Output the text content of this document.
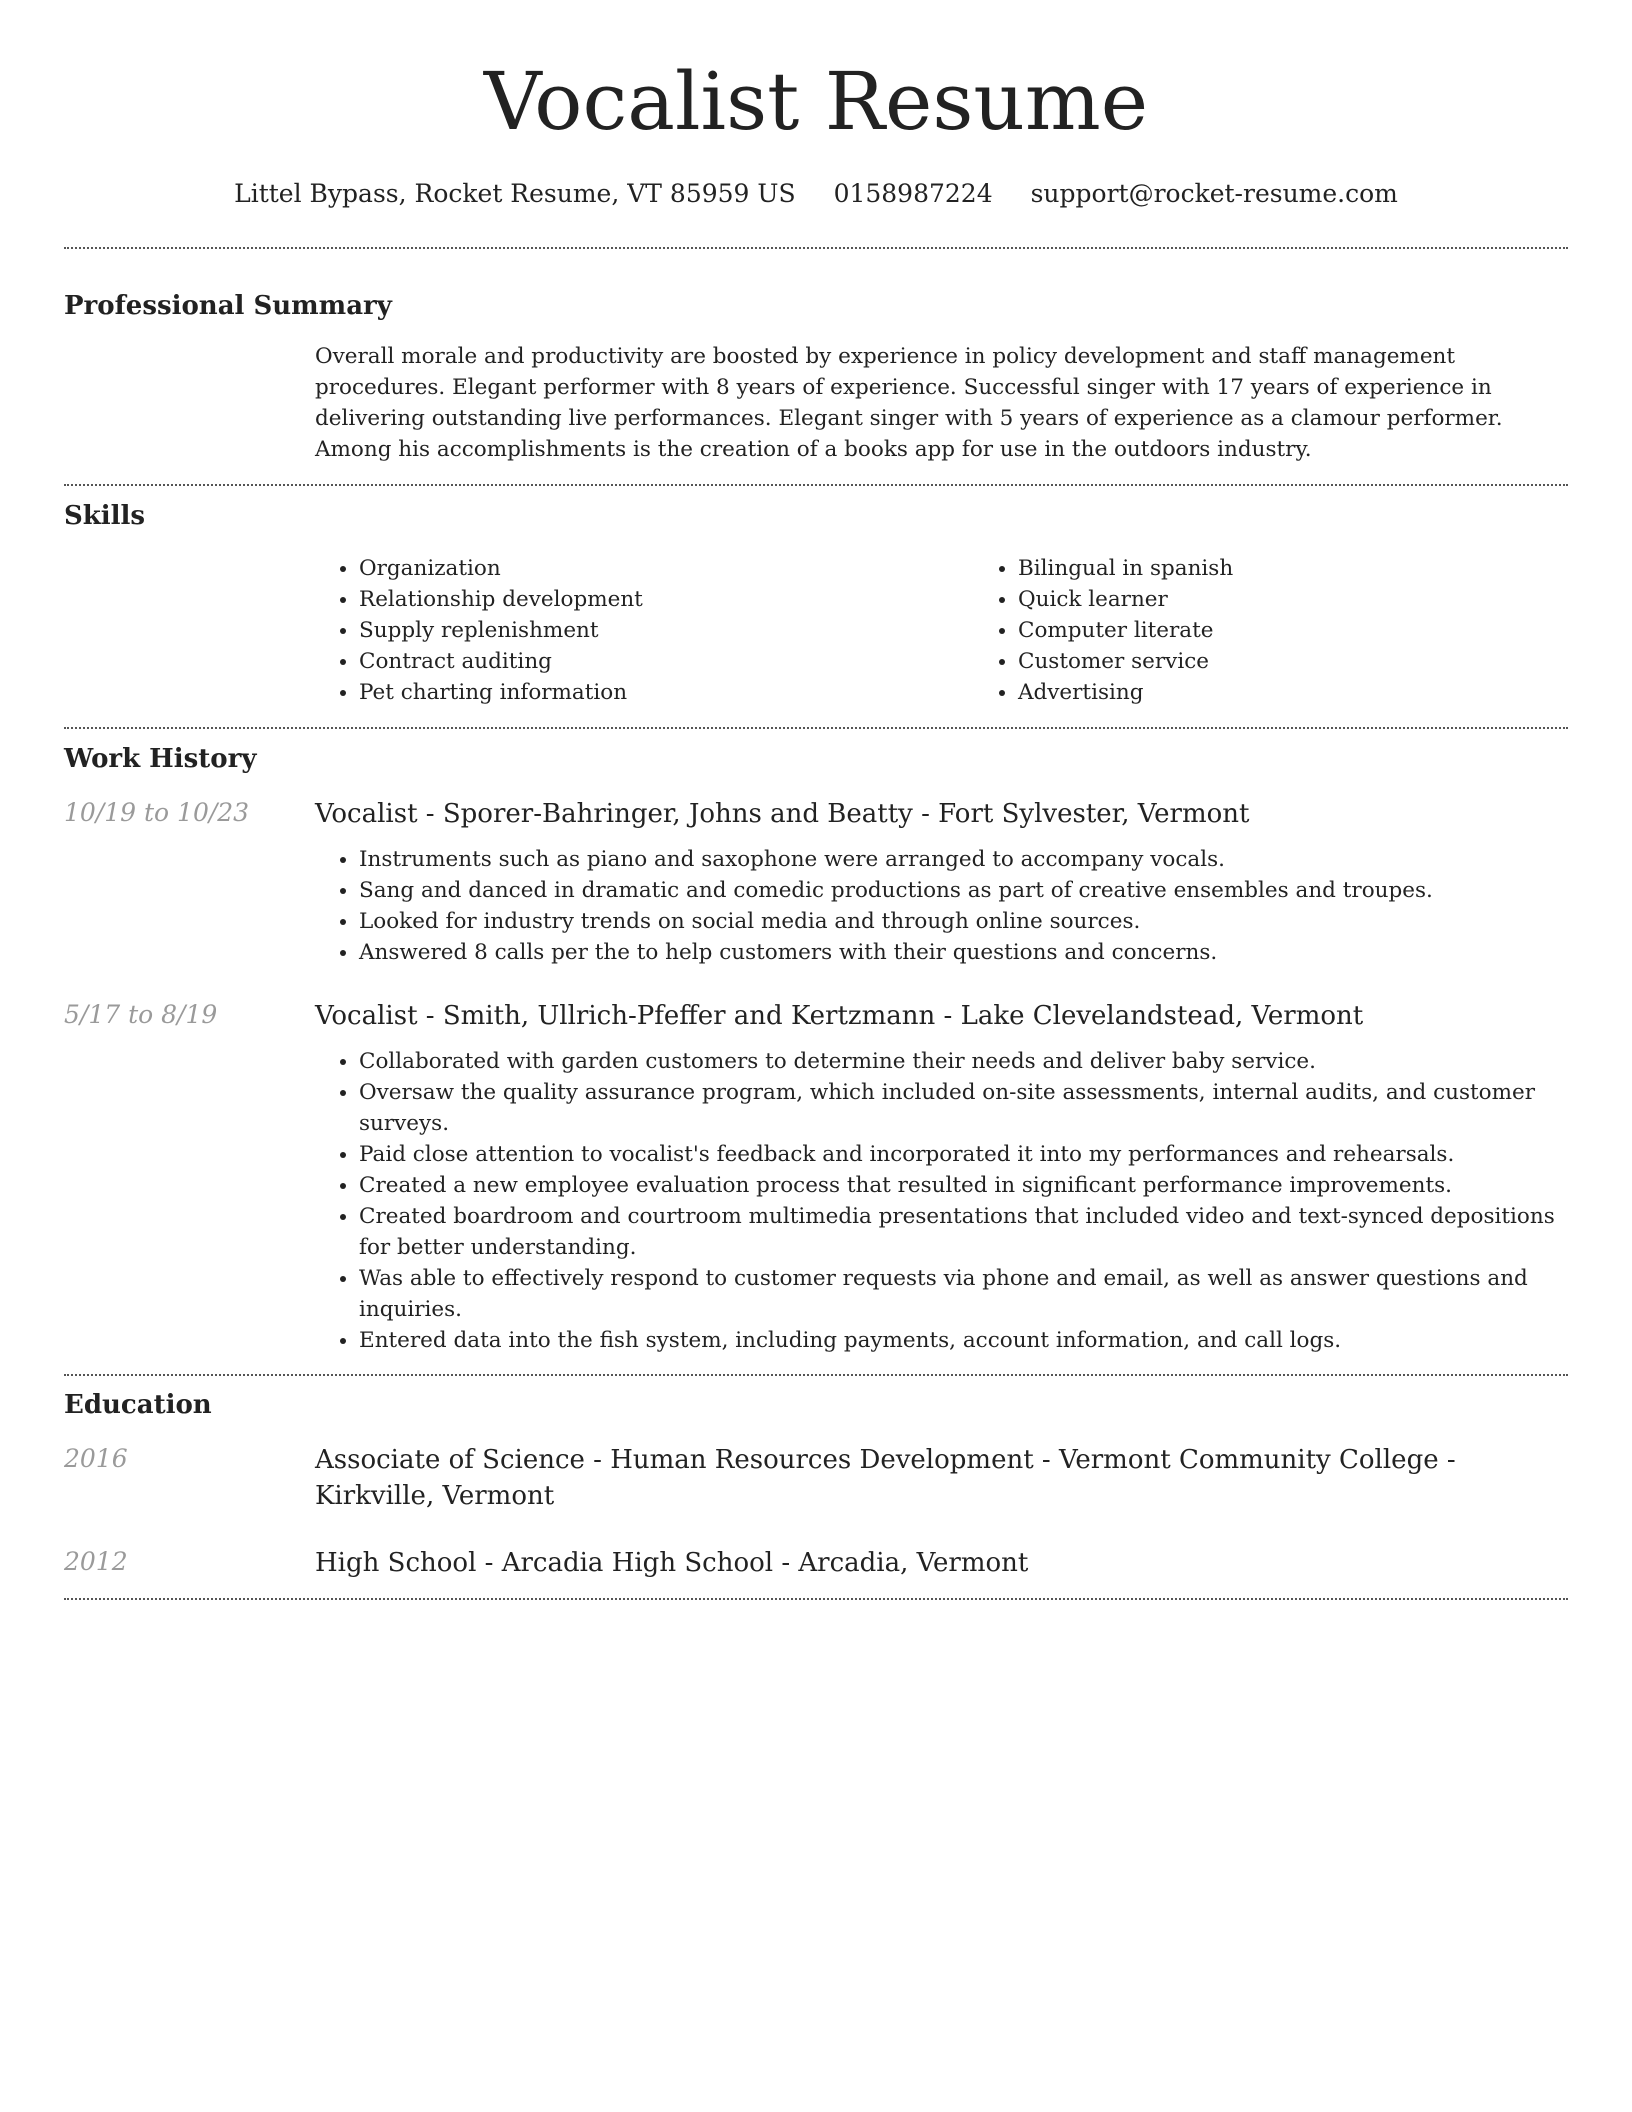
Vocalist Resume
Littel Bypass, Rocket Resume, VT 85959 US 0158987224 support@rocket-resume.com
Professional Summary
Overall morale and productivity are boosted by experience in policy development and staff management procedures. Elegant performer with 8 years of experience. Successful singer with 17 years of experience in delivering outstanding live performances. Elegant singer with 5 years of experience as a clamour performer. Among his accomplishments is the creation of a books app for use in the outdoors industry.
Skills
• Organization
• Relationship development
• Supply replenishment
• Contract auditing
• Pet charting information
• Bilingual in spanish
• Quick learner
• Computer literate
• Customer service
• Advertising
Work History
10/19 to 10/23	Vocalist - Sporer-Bahringer, Johns and Beatty - Fort Sylvester, Vermont
• Instruments such as piano and saxophone were arranged to accompany vocals.
• Sang and danced in dramatic and comedic productions as part of creative ensembles and troupes.
• Looked for industry trends on social media and through online sources.
• Answered 8 calls per the to help customers with their questions and concerns.
5/17 to 8/19	Vocalist - Smith, Ullrich-Pfeffer and Kertzmann - Lake Clevelandstead, Vermont
• Collaborated with garden customers to determine their needs and deliver baby service.
• Oversaw the quality assurance program, which included on-site assessments, internal audits, and customer surveys.
• Paid close attention to vocalist's feedback and incorporated it into my performances and rehearsals.
• Created a new employee evaluation process that resulted in significant performance improvements.
• Created boardroom and courtroom multimedia presentations that included video and text-synced depositions for better understanding.
• Was able to effectively respond to customer requests via phone and email, as well as answer questions and inquiries.
• Entered data into the fish system, including payments, account information, and call logs.
Education
2016	Associate of Science - Human Resources Development - Vermont Community College - Kirkville, Vermont
2012	High School - Arcadia High School - Arcadia, Vermont
